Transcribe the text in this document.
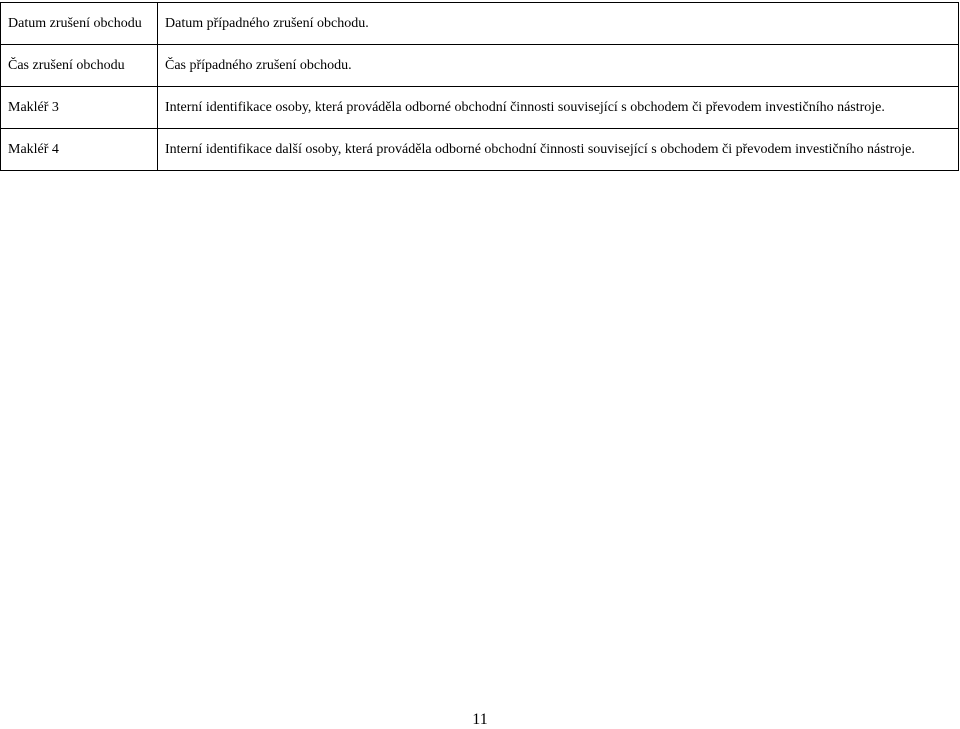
Datum zrušení obchodu	Datum případného zrušení obchodu.
Čas zrušení obchodu	Čas případného zrušení obchodu.
Makléř 3	Interní identifikace osoby, která prováděla odborné obchodní činnosti související s obchodem či převodem investičního nástroje.
Makléř 4	Interní identifikace další osoby, která prováděla odborné obchodní činnosti související s obchodem či převodem investičního nástroje.
11
